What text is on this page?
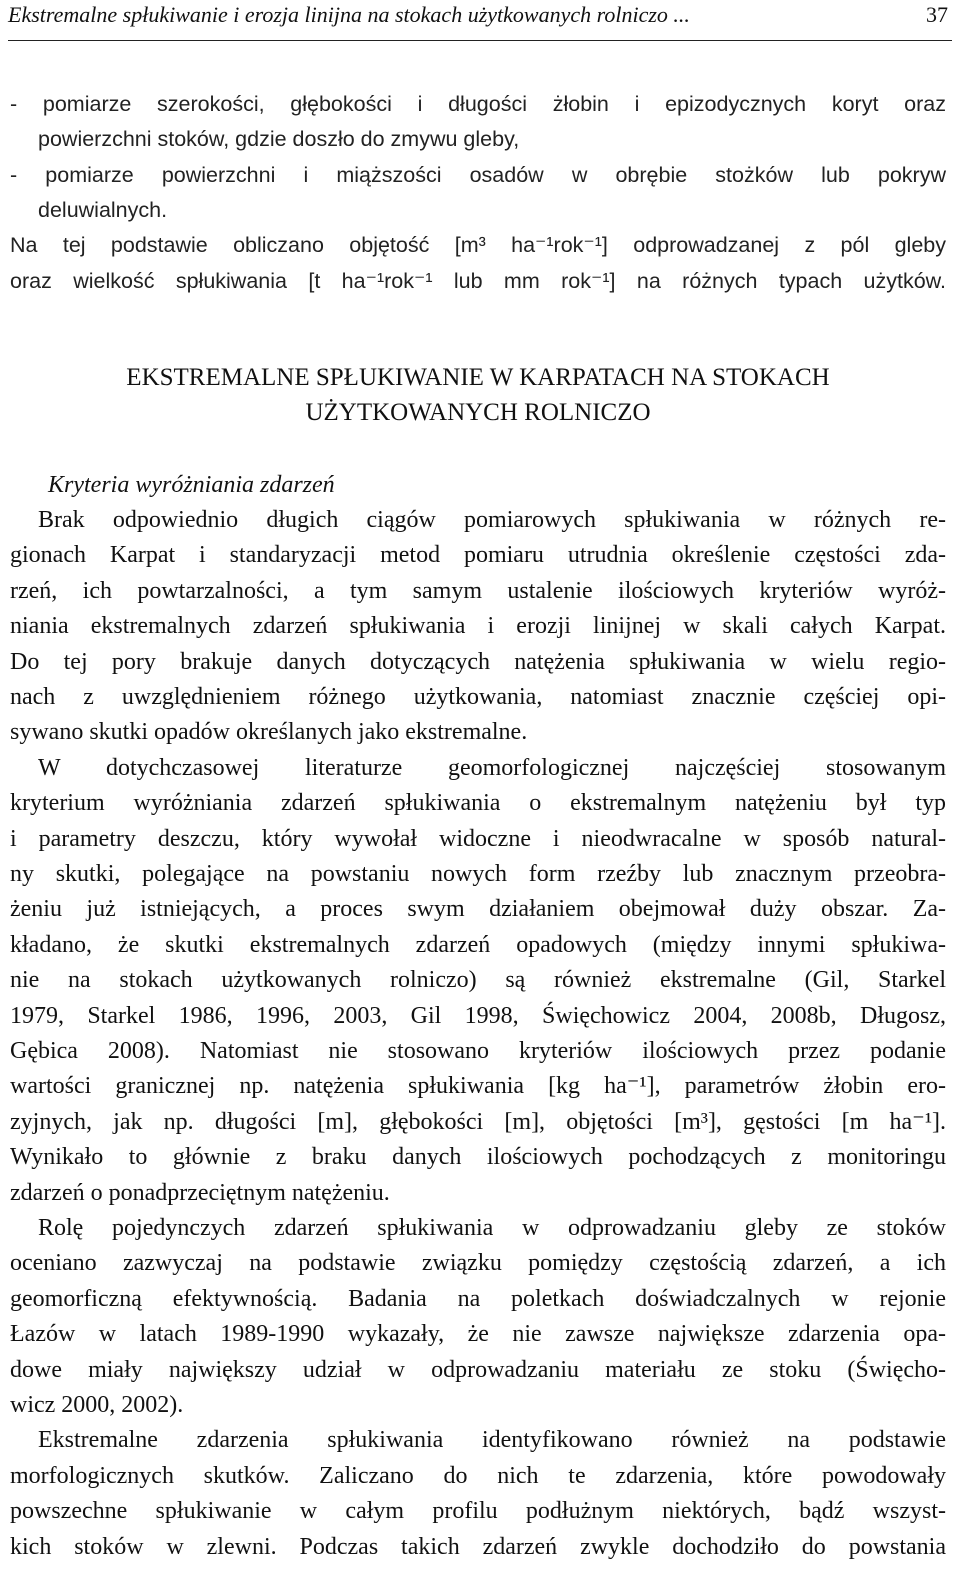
Ekstremalne spłukiwanie i erozja linijna na stokach użytkowanych rolniczo ...	37
- pomiarze szerokości, głębokości i długości żłobin i epizodycznych koryt oraz
powierzchni stoków, gdzie doszło do zmywu gleby,
- pomiarze powierzchni i miąższości osadów w obrębie stożków lub pokryw
deluwialnych.
Na tej podstawie obliczano objętość [m³ ha⁻¹rok⁻¹] odprowadzanej z pól gleby
oraz wielkość spłukiwania [t ha⁻¹rok⁻¹ lub mm rok⁻¹] na różnych typach użytków.
EKSTREMALNE SPŁUKIWANIE W KARPATACH NA STOKACH
UŻYTKOWANYCH ROLNICZO
Kryteria wyróżniania zdarzeń
Brak odpowiednio długich ciągów pomiarowych spłukiwania w różnych re-
gionach Karpat i standaryzacji metod pomiaru utrudnia określenie częstości zda-
rzeń, ich powtarzalności, a tym samym ustalenie ilościowych kryteriów wyróż-
niania ekstremalnych zdarzeń spłukiwania i erozji linijnej w skali całych Karpat.
Do tej pory brakuje danych dotyczących natężenia spłukiwania w wielu regio-
nach z uwzględnieniem różnego użytkowania, natomiast znacznie częściej opi-
sywano skutki opadów określanych jako ekstremalne.
W dotychczasowej literaturze geomorfologicznej najczęściej stosowanym
kryterium wyróżniania zdarzeń spłukiwania o ekstremalnym natężeniu był typ
i parametry deszczu, który wywołał widoczne i nieodwracalne w sposób natural-
ny skutki, polegające na powstaniu nowych form rzeźby lub znacznym przeobra-
żeniu już istniejących, a proces swym działaniem obejmował duży obszar. Za-
kładano, że skutki ekstremalnych zdarzeń opadowych (między innymi spłukiwa-
nie na stokach użytkowanych rolniczo) są również ekstremalne (Gil, Starkel
1979, Starkel 1986, 1996, 2003, Gil 1998, Święchowicz 2004, 2008b, Długosz,
Gębica 2008). Natomiast nie stosowano kryteriów ilościowych przez podanie
wartości granicznej np. natężenia spłukiwania [kg ha⁻¹], parametrów żłobin ero-
zyjnych, jak np. długości [m], głębokości [m], objętości [m³], gęstości [m ha⁻¹].
Wynikało to głównie z braku danych ilościowych pochodzących z monitoringu
zdarzeń o ponadprzeciętnym natężeniu.
Rolę pojedynczych zdarzeń spłukiwania w odprowadzaniu gleby ze stoków
oceniano zazwyczaj na podstawie związku pomiędzy częstością zdarzeń, a ich
geomorficzną efektywnością. Badania na poletkach doświadczalnych w rejonie
Łazów w latach 1989-1990 wykazały, że nie zawsze największe zdarzenia opa-
dowe miały największy udział w odprowadzaniu materiału ze stoku (Święcho-
wicz 2000, 2002).
Ekstremalne zdarzenia spłukiwania identyfikowano również na podstawie
morfologicznych skutków. Zaliczano do nich te zdarzenia, które powodowały
powszechne spłukiwanie w całym profilu podłużnym niektórych, bądź wszyst-
kich stoków w zlewni. Podczas takich zdarzeń zwykle dochodziło do powstania
